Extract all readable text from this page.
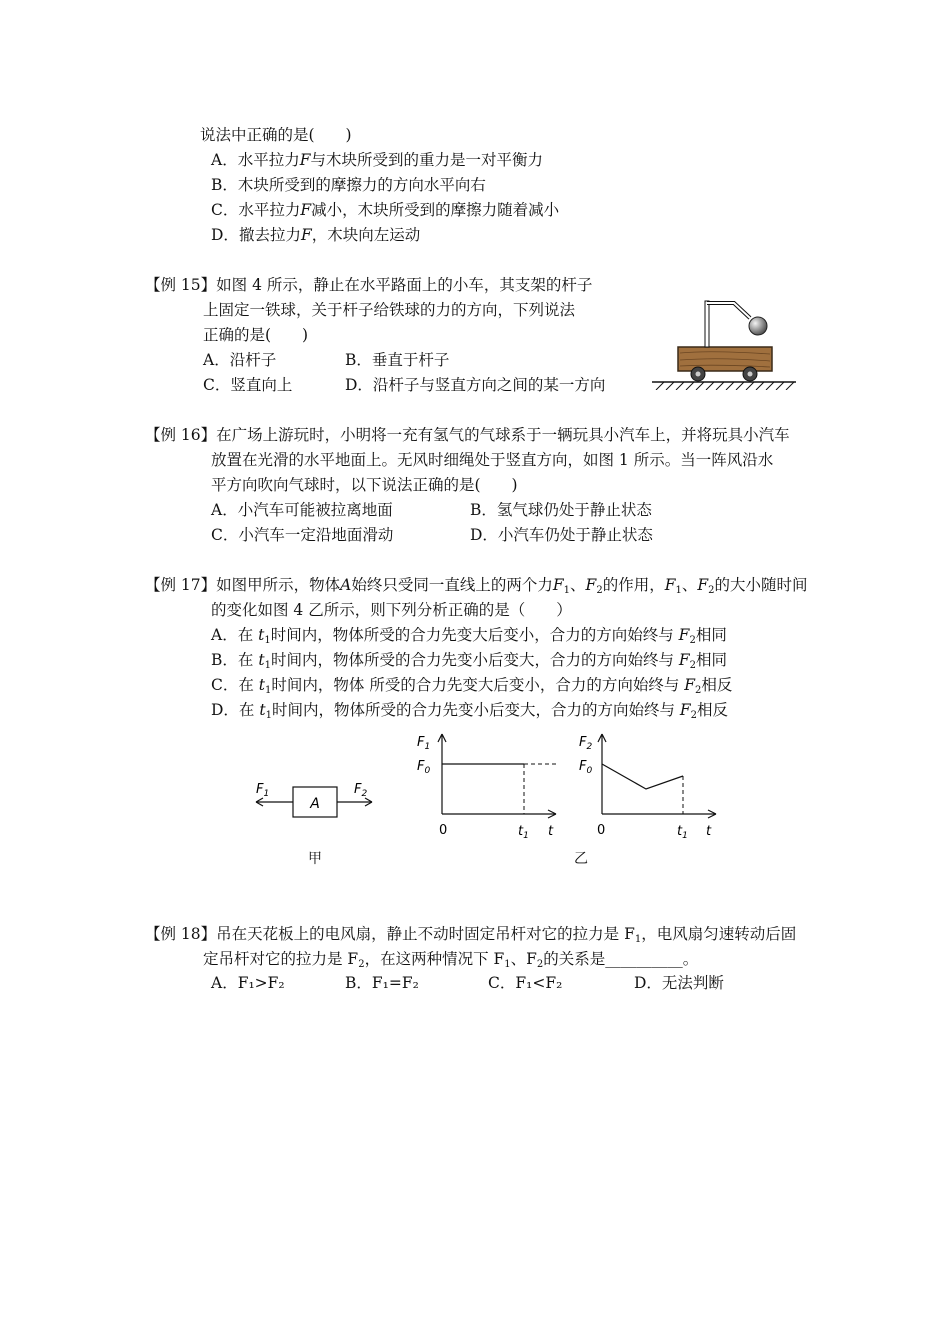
说法中正确的是(　　)
A．水平拉力F与木块所受到的重力是一对平衡力
B．木块所受到的摩擦力的方向水平向右
C．水平拉力F减小，木块所受到的摩擦力随着减小
D．撤去拉力F，木块向左运动
【例 15】如图 4 所示，静止在水平路面上的小车，其支架的杆子
上固定一铁球，关于杆子给铁球的力的方向，下列说法
正确的是(　　)
A．沿杆子	B．垂直于杆子
C．竖直向上	D．沿杆子与竖直方向之间的某一方向
【例 16】在广场上游玩时，小明将一充有氢气的气球系于一辆玩具小汽车上，并将玩具小汽车
放置在光滑的水平地面上。无风时细绳处于竖直方向，如图 1 所示。当一阵风沿水
平方向吹向气球时，以下说法正确的是(　　)
A．小汽车可能被拉离地面	B．氢气球仍处于静止状态
C．小汽车一定沿地面滑动	D．小汽车仍处于静止状态
【例 17】如图甲所示，物体A始终只受同一直线上的两个力$F_1$、$F_2$的作用，$F_1$、$F_2$的大小随时间
的变化如图 4 乙所示，则下列分析正确的是（　　）
A．在 $t_1$时间内，物体所受的合力先变大后变小，合力的方向始终与 $F_2$相同
B．在 $t_1$时间内，物体所受的合力先变小后变大，合力的方向始终与 $F_2$相同
C．在 $t_1$时间内，物体 所受的合力先变大后变小，合力的方向始终与 $F_2$相反
D．在 $t_1$时间内，物体所受的合力先变小后变大，合力的方向始终与 $F_2$相反
A
$F_1$	$F_2$
甲
$F_1$
$F_0$
0	$t_1$ t
$F_2$
$F_0$
0	$t_1$ t
乙
【例 18】吊在天花板上的电风扇，静止不动时固定吊杆对它的拉力是 $F_1$，电风扇匀速转动后固
定吊杆对它的拉力是 $F_2$，在这两种情况下 $F_1$、$F_2$的关系是__________。
A．F₁>F₂	B．F₁=F₂	C．F₁<F₂	D．无法判断
